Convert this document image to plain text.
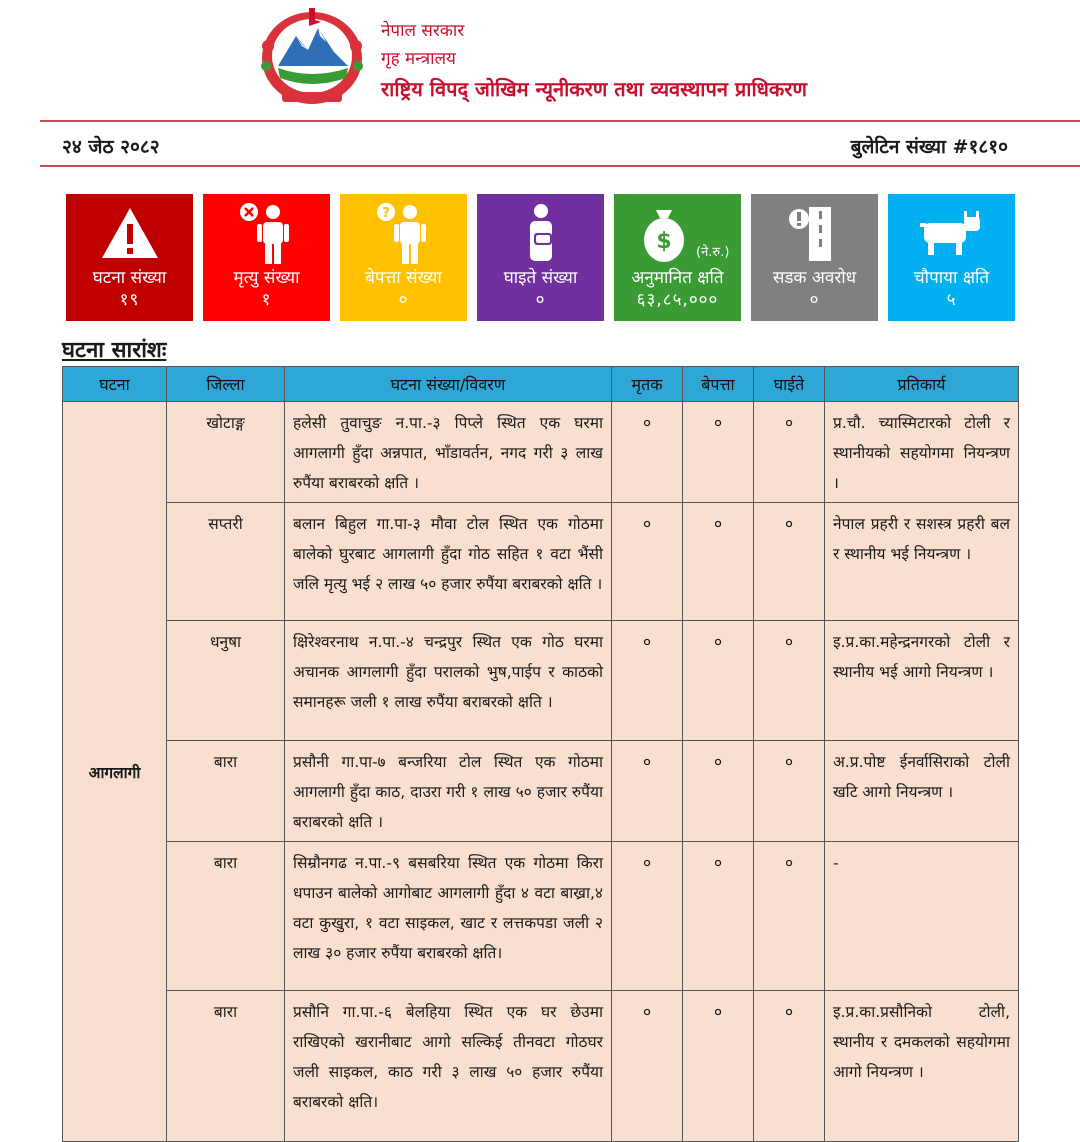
नेपाल सरकार
गृह मन्त्रालय
राष्ट्रिय विपद् जोखिम न्यूनीकरण तथा व्यवस्थापन प्राधिकरण
२४ जेठ २०८२	बुलेटिन संख्या #१८१०
घटना संख्या
१९
मृत्यु संख्या
१
?
बेपत्ता संख्या
०
घाइते संख्या
०
$ (ने.रु.)
अनुमानित क्षति
६३,८५,०००
सडक अवरोध
०
चौपाया क्षति
५
घटना सारांशः
घटना	जिल्ला	घटना संख्या/विवरण	मृतक	बेपत्ता	घाईते	प्रतिकार्य
आगलागी	खोटाङ्ग	हलेसी तुवाचुङ न.पा.-३ पिप्ले स्थित एक घरमा आगलागी हुँदा अन्नपात, भाँडावर्तन, नगद गरी ३ लाख रुपैंया बराबरको क्षति ।	०	०	०	प्र.चौ. च्यास्मिटारको टोली र स्थानीयको सहयोगमा नियन्त्रण ।
	सप्तरी	बलान बिहुल गा.पा-३ मौवा टोल स्थित एक गोठमा बालेको घुरबाट आगलागी हुँदा गोठ सहित १ वटा भैंसी जलि मृत्यु भई २ लाख ५० हजार रुपैंया बराबरको क्षति ।	०	०	०	नेपाल प्रहरी र सशस्त्र प्रहरी बल र स्थानीय भई नियन्त्रण ।
	धनुषा	क्षिरेश्वरनाथ न.पा.-४ चन्द्रपुर स्थित एक गोठ घरमा अचानक आगलागी हुँदा परालको भुष,पाईप र काठको समानहरू जली १ लाख रुपैंया बराबरको क्षति ।	०	०	०	इ.प्र.का.महेन्द्रनगरको टोली र स्थानीय भई आगो नियन्त्रण ।
	बारा	प्रसौनी गा.पा-७ बन्जरिया टोल स्थित एक गोठमा आगलागी हुँदा काठ, दाउरा गरी १ लाख ५० हजार रुपैंया बराबरको क्षति ।	०	०	०	अ.प्र.पोष्ट ईनर्वासिराको टोली खटि आगो नियन्त्रण ।
	बारा	सिम्रौनगढ न.पा.-९ बसबरिया स्थित एक गोठमा किरा धपाउन बालेको आगोबाट आगलागी हुँदा ४ वटा बाख्रा,४ वटा कुखुरा, १ वटा साइकल, खाट र लत्तकपडा जली २ लाख ३० हजार रुपैंया बराबरको क्षति।	०	०	०	-
	बारा	प्रसौनि गा.पा.-६ बेलहिया स्थित एक घर छेउमा राखिएको खरानीबाट आगो सल्किई तीनवटा गोठघर जली साइकल, काठ गरी ३ लाख ५० हजार रुपैंया बराबरको क्षति।	०	०	०	इ.प्र.का.प्रसौनिको टोली, स्थानीय र दमकलको सहयोगमा आगो नियन्त्रण ।
